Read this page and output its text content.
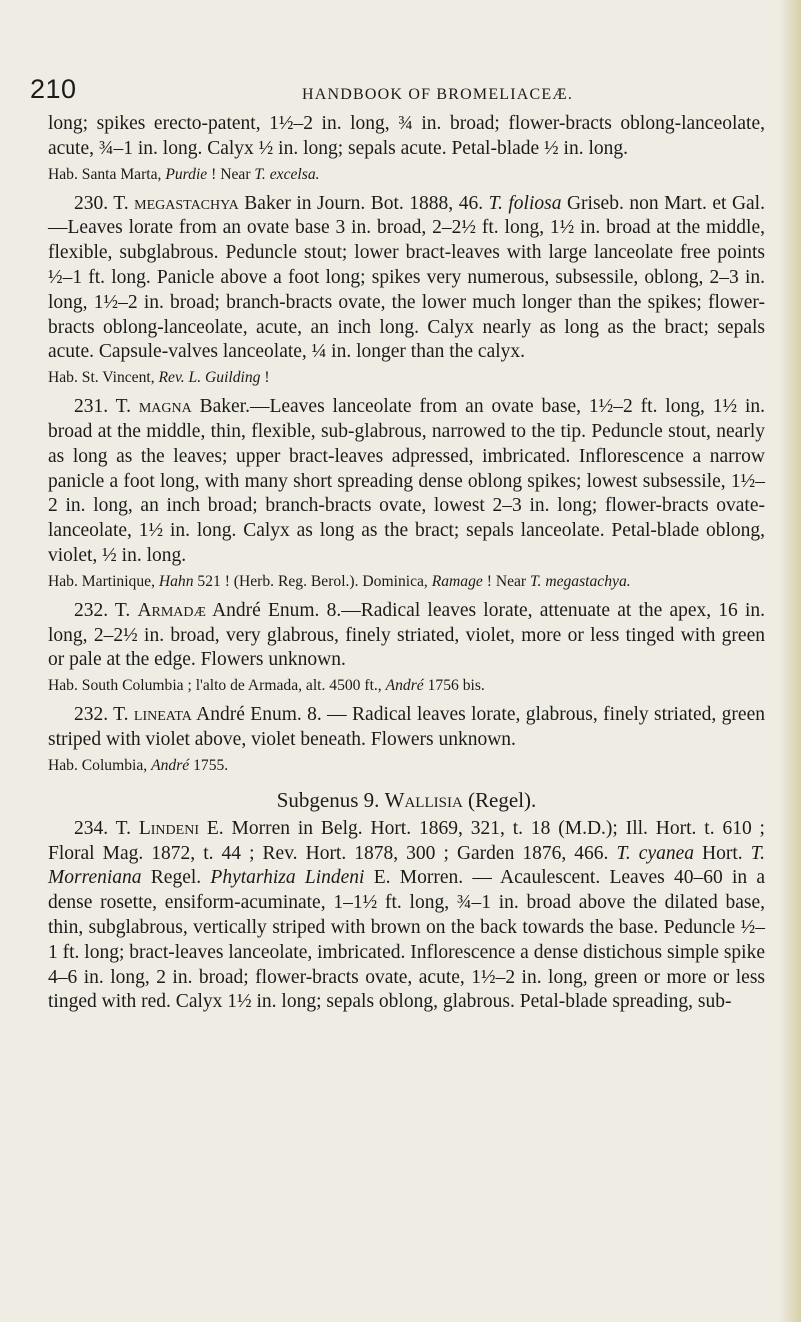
210	HANDBOOK OF BROMELIACEÆ.

long; spikes erecto-patent, 1½–2 in. long, ¾ in. broad; flower-bracts oblong-lanceolate, acute, ¾–1 in. long. Calyx ½ in. long; sepals acute. Petal-blade ½ in. long.

Hab. Santa Marta, Purdie ! Near T. excelsa.

230. T. megastachya Baker in Journ. Bot. 1888, 46. T. foliosa Griseb. non Mart. et Gal.—Leaves lorate from an ovate base 3 in. broad, 2–2½ ft. long, 1½ in. broad at the middle, flexible, subglabrous. Peduncle stout; lower bract-leaves with large lanceolate free points ½–1 ft. long. Panicle above a foot long; spikes very numerous, subsessile, oblong, 2–3 in. long, 1½–2 in. broad; branch-bracts ovate, the lower much longer than the spikes; flower-bracts oblong-lanceolate, acute, an inch long. Calyx nearly as long as the bract; sepals acute. Capsule-valves lanceolate, ¼ in. longer than the calyx.

Hab. St. Vincent, Rev. L. Guilding !

231. T. magna Baker.—Leaves lanceolate from an ovate base, 1½–2 ft. long, 1½ in. broad at the middle, thin, flexible, sub-glabrous, narrowed to the tip. Peduncle stout, nearly as long as the leaves; upper bract-leaves adpressed, imbricated. Inflorescence a narrow panicle a foot long, with many short spreading dense oblong spikes; lowest subsessile, 1½–2 in. long, an inch broad; branch-bracts ovate, lowest 2–3 in. long; flower-bracts ovate-lanceolate, 1½ in. long. Calyx as long as the bract; sepals lanceolate. Petal-blade oblong, violet, ½ in. long.

Hab. Martinique, Hahn 521 ! (Herb. Reg. Berol.). Dominica, Ramage ! Near T. megastachya.

232. T. Armadæ André Enum. 8.—Radical leaves lorate, attenuate at the apex, 16 in. long, 2–2½ in. broad, very glabrous, finely striated, violet, more or less tinged with green or pale at the edge. Flowers unknown.

Hab. South Columbia ; l'alto de Armada, alt. 4500 ft., André 1756 bis.

232. T. lineata André Enum. 8. — Radical leaves lorate, glabrous, finely striated, green striped with violet above, violet beneath. Flowers unknown.

Hab. Columbia, André 1755.

Subgenus 9. Wallisia (Regel).

234. T. Lindeni E. Morren in Belg. Hort. 1869, 321, t. 18 (M.D.); Ill. Hort. t. 610 ; Floral Mag. 1872, t. 44 ; Rev. Hort. 1878, 300 ; Garden 1876, 466. T. cyanea Hort. T. Morreniana Regel. Phytarhiza Lindeni E. Morren. — Acaulescent. Leaves 40–60 in a dense rosette, ensiform-acuminate, 1–1½ ft. long, ¾–1 in. broad above the dilated base, thin, subglabrous, vertically striped with brown on the back towards the base. Peduncle ½–1 ft. long; bract-leaves lanceolate, imbricated. Inflorescence a dense distichous simple spike 4–6 in. long, 2 in. broad; flower-bracts ovate, acute, 1½–2 in. long, green or more or less tinged with red. Calyx 1½ in. long; sepals oblong, glabrous. Petal-blade spreading, sub-
